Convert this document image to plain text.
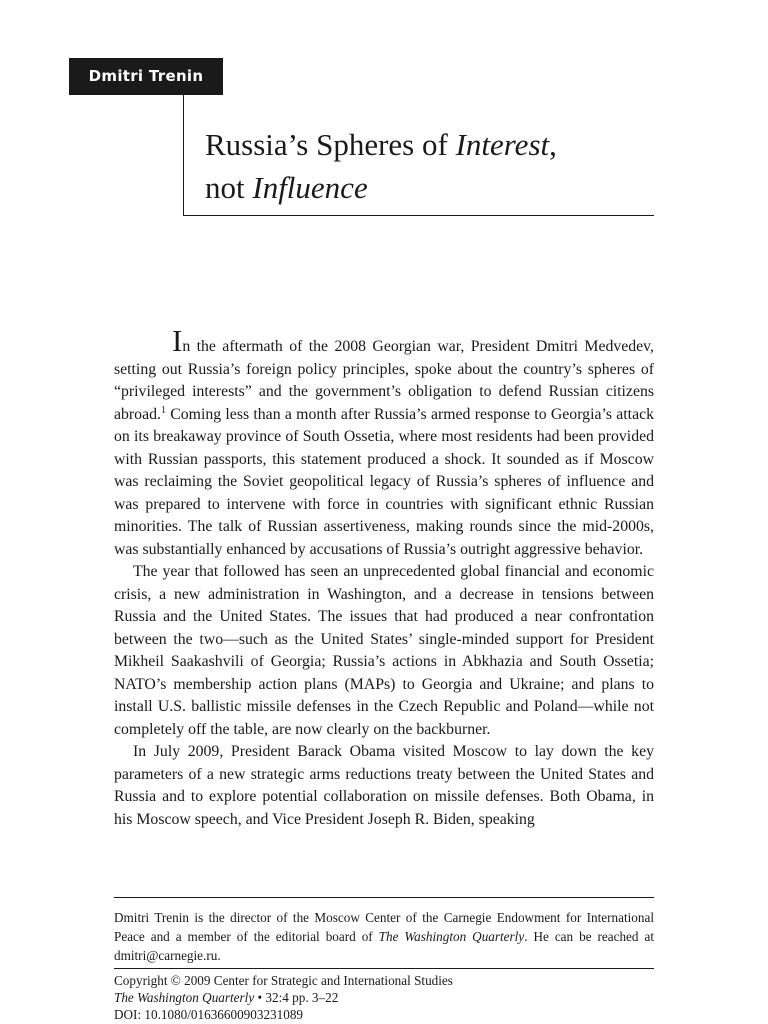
Dmitri Trenin
Russia’s Spheres of Interest,
not Influence

In the aftermath of the 2008 Georgian war, President Dmitri Medvedev, setting out Russia’s foreign policy principles, spoke about the country’s spheres of “privileged interests” and the government’s obligation to defend Russian citizens abroad.$^1$ Coming less than a month after Russia’s armed response to Georgia’s attack on its breakaway province of South Ossetia, where most residents had been provided with Russian passports, this statement produced a shock. It sounded as if Moscow was reclaiming the Soviet geopolitical legacy of Russia’s spheres of influence and was prepared to intervene with force in countries with significant ethnic Russian minorities. The talk of Russian assertiveness, making rounds since the mid-2000s, was substantially enhanced by accusations of Russia’s outright aggressive behavior.

The year that followed has seen an unprecedented global financial and economic crisis, a new administration in Washington, and a decrease in tensions between Russia and the United States. The issues that had produced a near confrontation between the two—such as the United States’ single-minded support for President Mikheil Saakashvili of Georgia; Russia’s actions in Abkhazia and South Ossetia; NATO’s membership action plans (MAPs) to Georgia and Ukraine; and plans to install U.S. ballistic missile defenses in the Czech Republic and Poland—while not completely off the table, are now clearly on the backburner.

In July 2009, President Barack Obama visited Moscow to lay down the key parameters of a new strategic arms reductions treaty between the United States and Russia and to explore potential collaboration on missile defenses. Both Obama, in his Moscow speech, and Vice President Joseph R. Biden, speaking

Dmitri Trenin is the director of the Moscow Center of the Carnegie Endowment for International Peace and a member of the editorial board of The Washington Quarterly. He can be reached at dmitri@carnegie.ru.

Copyright © 2009 Center for Strategic and International Studies
The Washington Quarterly • 32:4 pp. 3–22
DOI: 10.1080/01636600903231089
